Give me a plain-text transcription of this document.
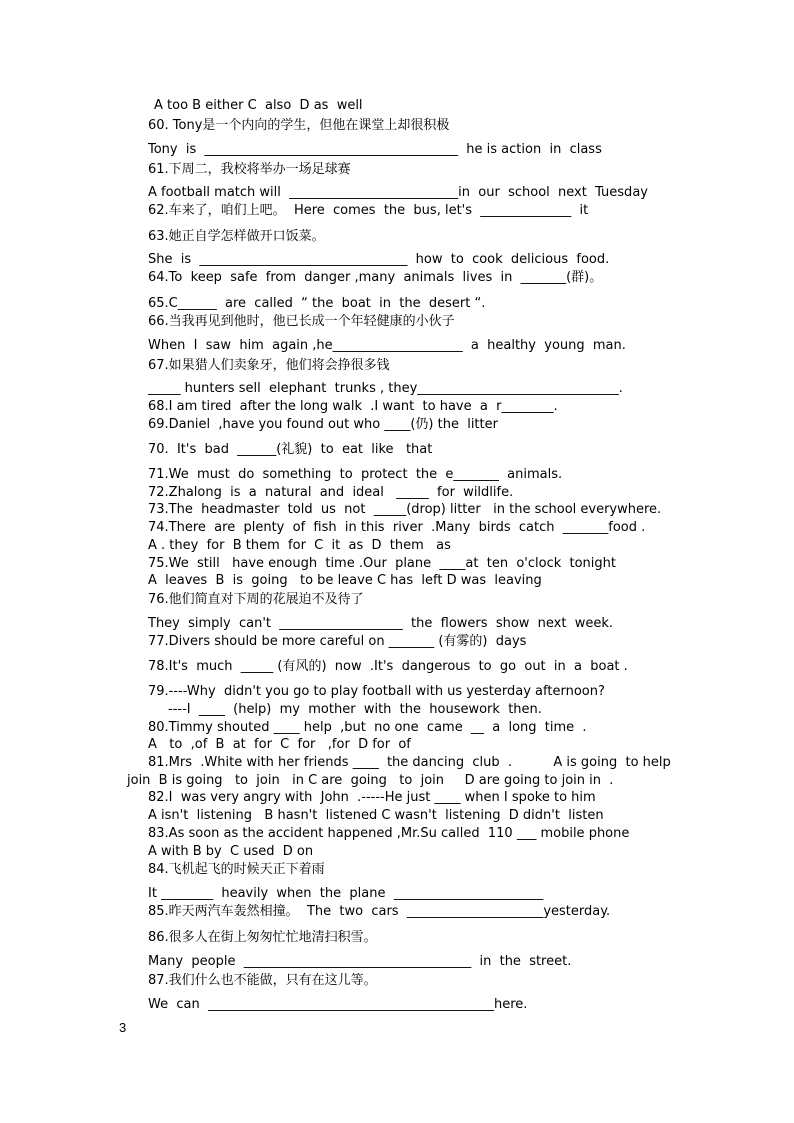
A too B either C  also  D as  well
60. Tony是一个内向的学生，但他在课堂上却很积极
Tony  is  _______________________________________  he is action  in  class
61.下周二，我校将举办一场足球赛
A football match will  __________________________in  our  school  next  Tuesday
62.车来了，咱们上吧。  Here  comes  the  bus, let's  ______________  it
63.她正自学怎样做开口饭菜。
She  is  ________________________________  how  to  cook  delicious  food.
64.To  keep  safe  from  danger ,many  animals  lives  in  _______(群)。
65.C______  are  called  “ the  boat  in  the  desert “.
66.当我再见到他时，他已长成一个年轻健康的小伙子
When  I  saw  him  again ,he____________________  a  healthy  young  man.
67.如果猎人们卖象牙，他们将会挣很多钱
_____ hunters sell  elephant  trunks , they_______________________________.
68.I am tired  after the long walk  .I want  to have  a  r________.
69.Daniel  ,have you found out who ____(仍) the  litter
70.  It's  bad  ______(礼貌)  to  eat  like   that
71.We  must  do  something  to  protect  the  e_______  animals.
72.Zhalong  is  a  natural  and  ideal   _____  for  wildlife.
73.The  headmaster  told  us  not  _____(drop) litter   in the school everywhere.
74.There  are  plenty  of  fish  in this  river  .Many  birds  catch  _______food .
A . they  for  B them  for  C  it  as  D  them   as
75.We  still   have enough  time .Our  plane  ____at  ten  o'clock  tonight
A  leaves  B  is  going   to be leave C has  left D was  leaving
76.他们简直对下周的花展迫不及待了
They  simply  can't  ___________________  the  flowers  show  next  week.
77.Divers should be more careful on _______ (有雾的)  days
78.It's  much  _____ (有风的)  now  .It's  dangerous  to  go  out  in  a  boat .
79.----Why  didn't you go to play football with us yesterday afternoon?
----I  ____  (help)  my  mother  with  the  housework  then.
80.Timmy shouted ____ help  ,but  no one  came  __  a  long  time  .
A   to  ,of  B  at  for  C  for   ,for  D for  of
81.Mrs  .White with her friends ____  the dancing  club  .          A is going  to help
join  B is going   to  join   in C are  going   to  join     D are going to join in  .
82.I  was very angry with  John  .-----He just ____ when I spoke to him
A isn't  listening   B hasn't  listened C wasn't  listening  D didn't  listen
83.As soon as the accident happened ,Mr.Su called  110 ___ mobile phone
A with B by  C used  D on
84.飞机起飞的时候天正下着雨
It ________  heavily  when  the  plane  _______________________
85.昨天两汽车轰然相撞。  The  two  cars  _____________________yesterday.
86.很多人在街上匆匆忙忙地清扫积雪。
Many  people  ___________________________________  in  the  street.
87.我们什么也不能做，只有在这儿等。
We  can  ____________________________________________here.
3
